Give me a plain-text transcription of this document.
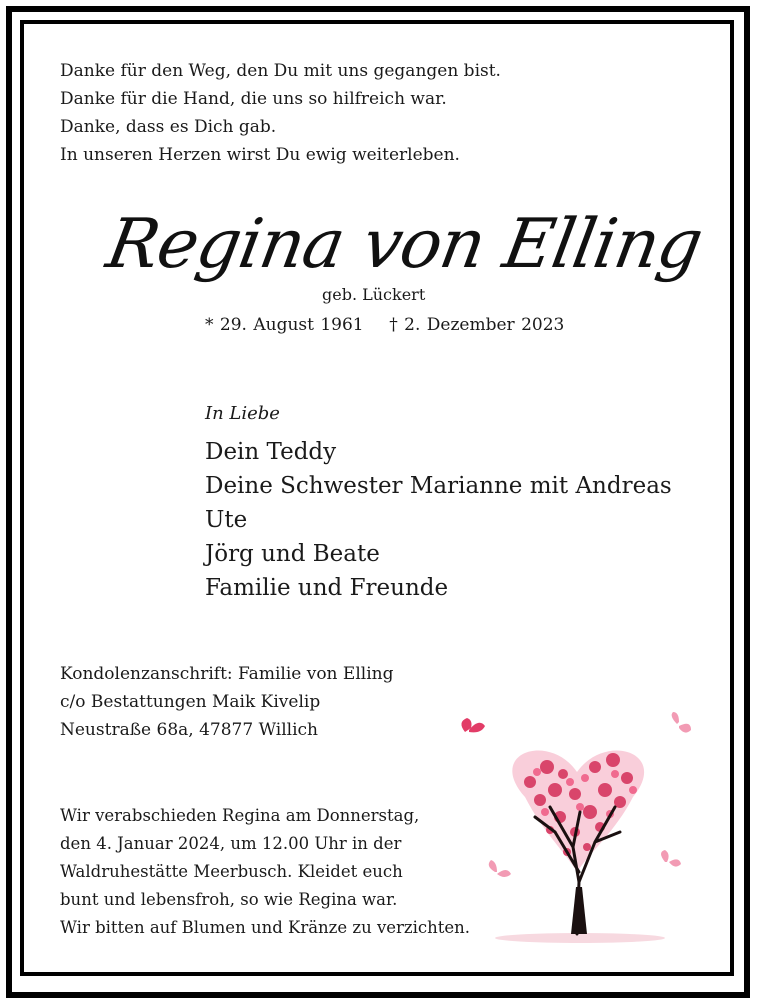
Danke für den Weg, den Du mit uns gegangen bist.
Danke für die Hand, die uns so hilfreich war.
Danke, dass es Dich gab.
In unseren Herzen wirst Du ewig weiterleben.
Regina von Elling
geb. Lückert
* 29. August 1961 † 2. Dezember 2023
In Liebe
Dein Teddy
Deine Schwester Marianne mit Andreas
Ute
Jörg und Beate
Familie und Freunde
Kondolenzanschrift: Familie von Elling
c/o Bestattungen Maik Kivelip
Neustraße 68a, 47877 Willich
Wir verabschieden Regina am Donnerstag,
den 4. Januar 2024, um 12.00 Uhr in der
Waldruhestätte Meerbusch. Kleidet euch
bunt und lebensfroh, so wie Regina war.
Wir bitten auf Blumen und Kränze zu verzichten.
